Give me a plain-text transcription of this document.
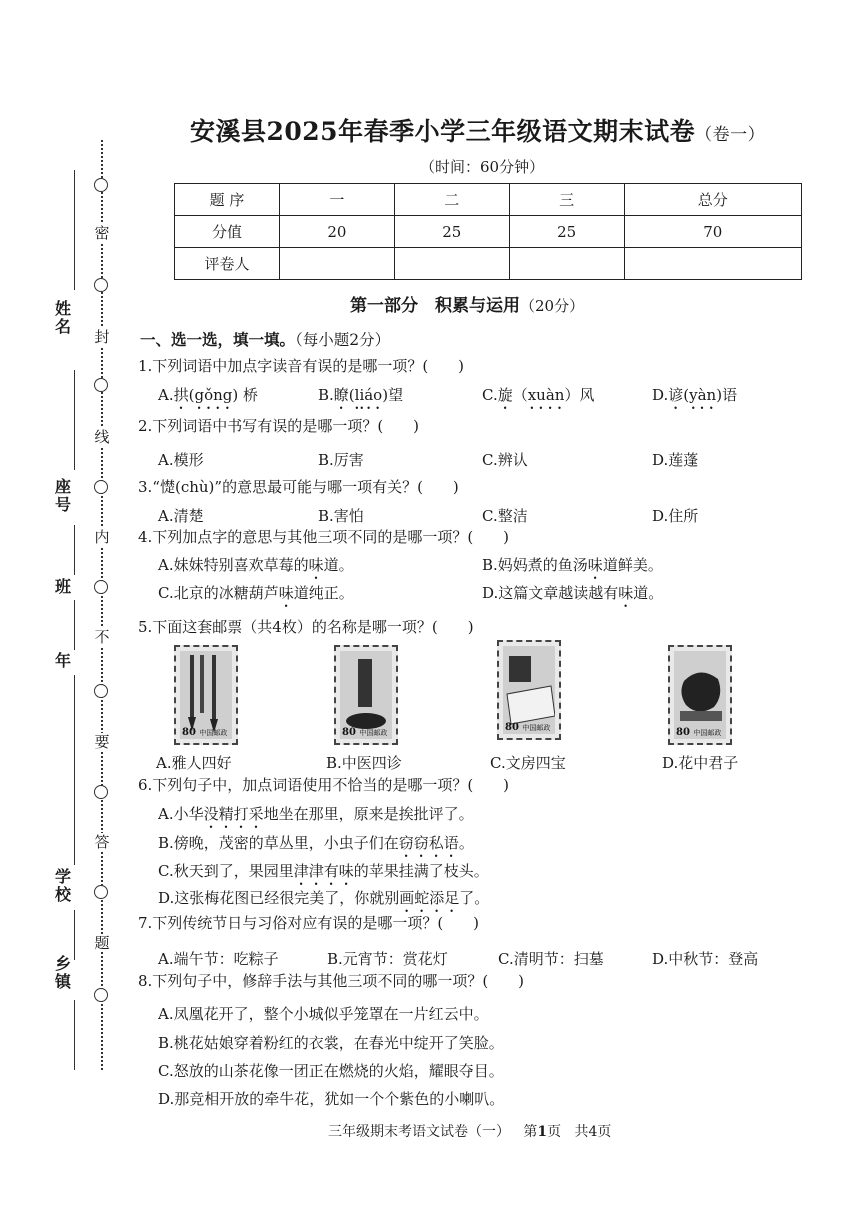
密
封
线
内
不
要
答
题
姓名
座号
班
年
学校
乡镇
安溪县2025年春季小学三年级语文期末试卷（卷一）
（时间：60分钟）
题 序	一	二	三	总分
分值	20	25	25	70
评卷人				
第一部分　积累与运用（20分）
一、选一选，填一填。（每小题2分）
1.下列词语中加点字读音有误的是哪一项？(　　)
A.拱(gǒng) 桥	B.瞭(liáo)望	C.旋（xuàn）风	D.谚(yàn)语
2.下列词语中书写有误的是哪一项？(　　)
A.模形	B.厉害	C.辨认	D.莲蓬
3.“憷(chù)”的意思最可能与哪一项有关？(　　)
A.清楚	B.害怕	C.整洁	D.住所
4.下列加点字的意思与其他三项不同的是哪一项？(　　)
A.妹妹特别喜欢草莓的味道。	B.妈妈煮的鱼汤味道鲜美。
C.北京的冰糖葫芦味道纯正。	D.这篇文章越读越有味道。
5.下面这套邮票（共4枚）的名称是哪一项？(　　)
80 中国邮政	80 中国邮政	80 中国邮政	80 中国邮政
A.雅人四好	B.中医四诊	C.文房四宝	D.花中君子
6.下列句子中，加点词语使用不恰当的是哪一项？(　　)
A.小华没精打采地坐在那里，原来是挨批评了。
B.傍晚，茂密的草丛里，小虫子们在窃窃私语。
C.秋天到了，果园里津津有味的苹果挂满了枝头。
D.这张梅花图已经很完美了，你就别画蛇添足了。
7.下列传统节日与习俗对应有误的是哪一项？(　　)
A.端午节：吃粽子	B.元宵节：赏花灯	C.清明节：扫墓	D.中秋节：登高
8.下列句子中，修辞手法与其他三项不同的哪一项？(　　)
A.凤凰花开了，整个小城似乎笼罩在一片红云中。
B.桃花姑娘穿着粉红的衣裳，在春光中绽开了笑脸。
C.怒放的山茶花像一团正在燃烧的火焰，耀眼夺目。
D.那竞相开放的牵牛花，犹如一个个紫色的小喇叭。
三年级期末考语文试卷（一） 第1页 共4页
